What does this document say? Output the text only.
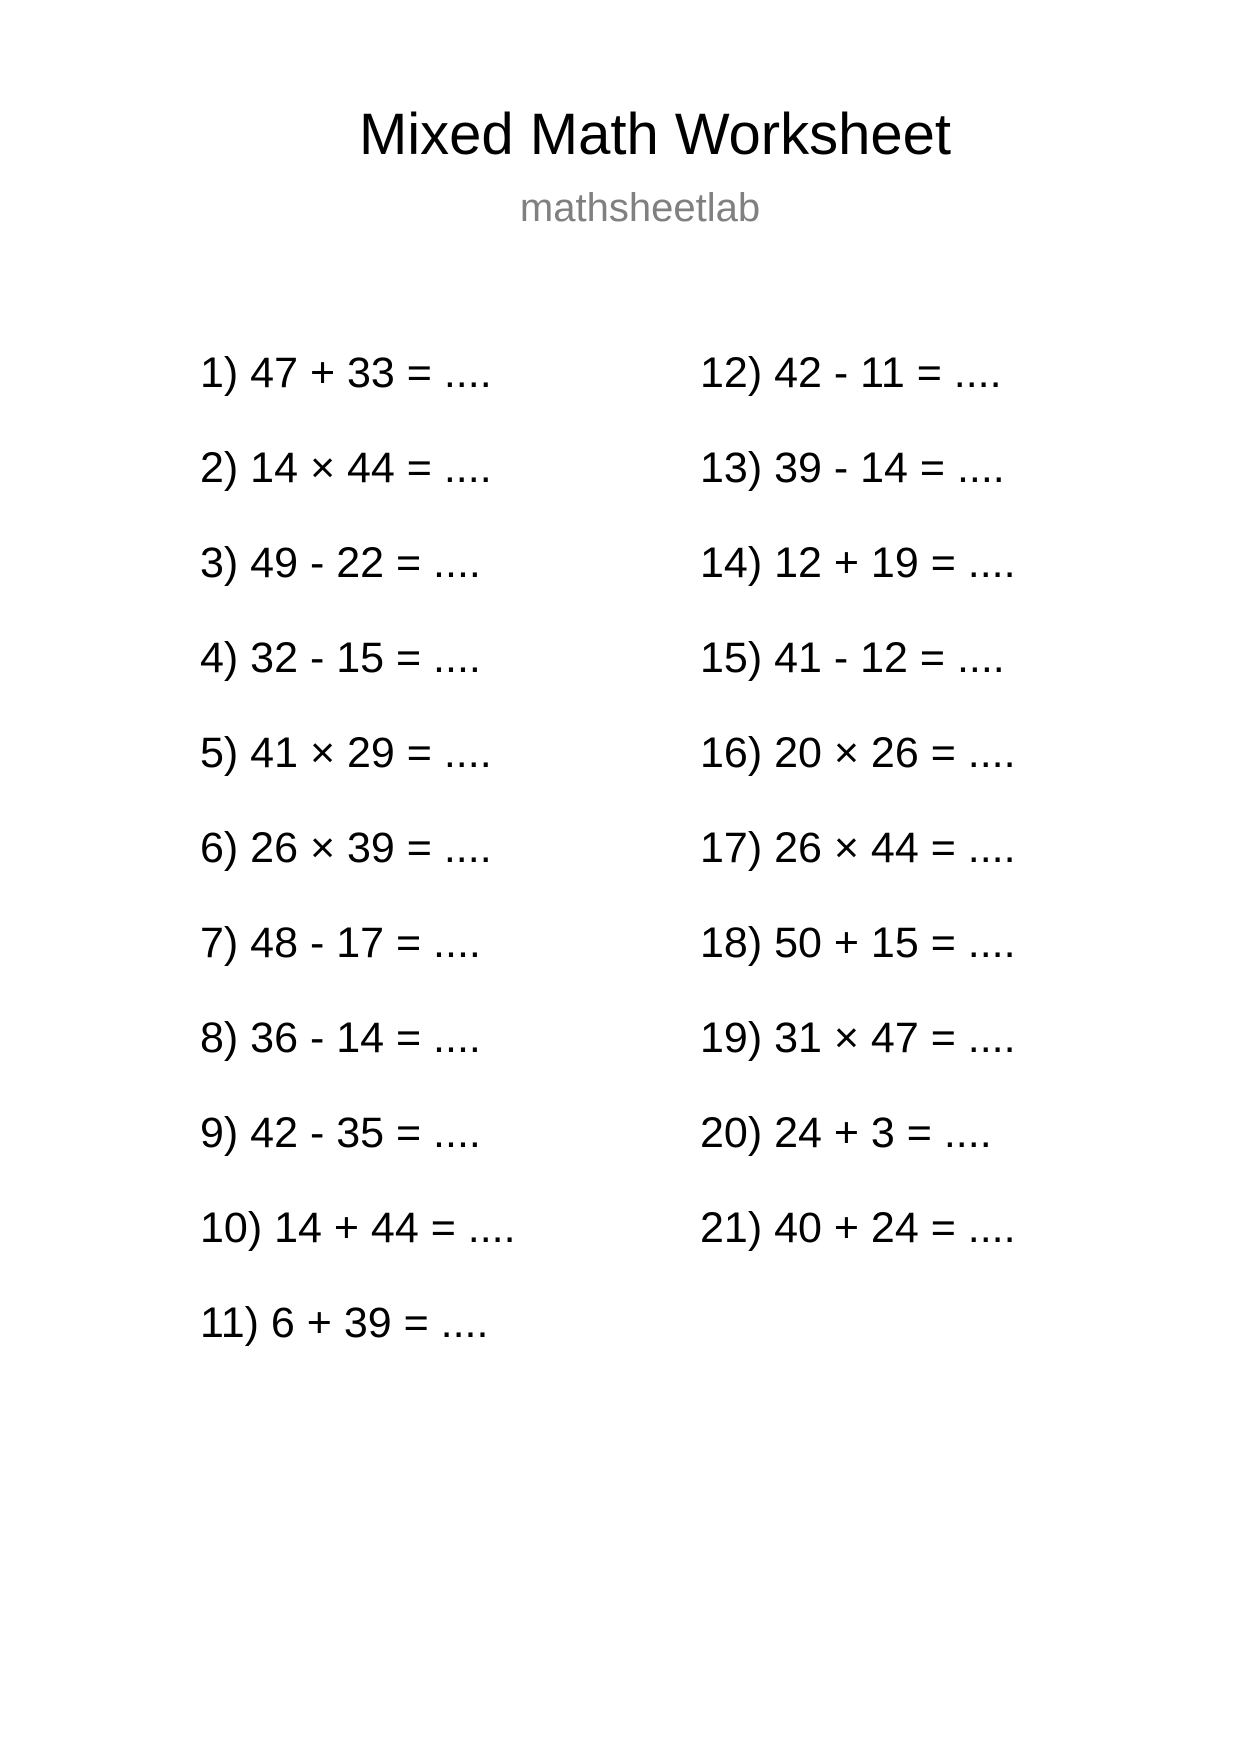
Mixed Math Worksheet
mathsheetlab
1) 47 + 33 = ....
2) 14 × 44 = ....
3) 49 - 22 = ....
4) 32 - 15 = ....
5) 41 × 29 = ....
6) 26 × 39 = ....
7) 48 - 17 = ....
8) 36 - 14 = ....
9) 42 - 35 = ....
10) 14 + 44 = ....
11) 6 + 39 = ....
12) 42 - 11 = ....
13) 39 - 14 = ....
14) 12 + 19 = ....
15) 41 - 12 = ....
16) 20 × 26 = ....
17) 26 × 44 = ....
18) 50 + 15 = ....
19) 31 × 47 = ....
20) 24 + 3 = ....
21) 40 + 24 = ....
